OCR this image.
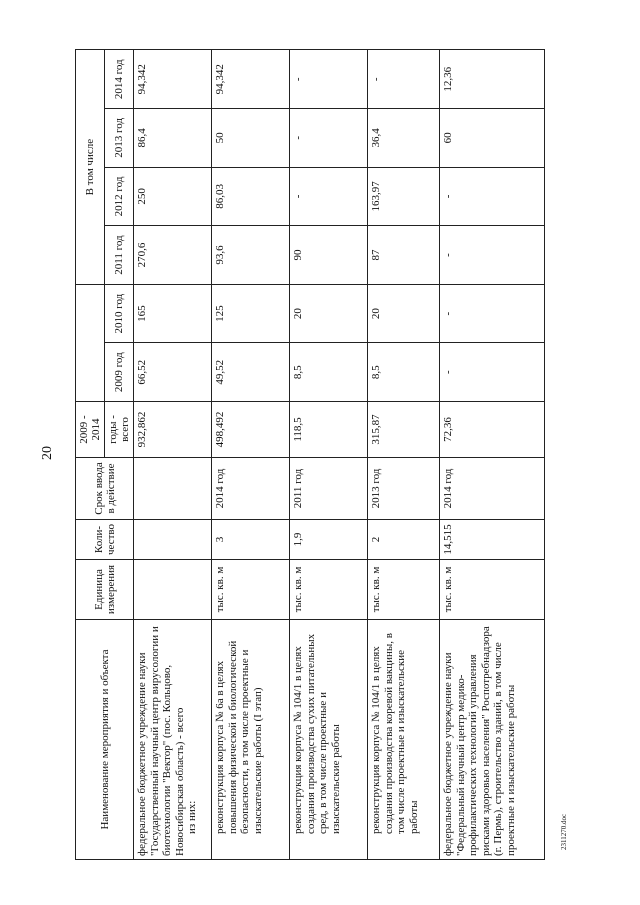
20
Наименование мероприятия и объекта	Единица измерения	Коли-чество	Срок ввода в действие	2009 - 2014			В том числе			
				годы - всего	2009 год	2010 год	2011 год	2012 год	2013 год	2014 год

федеральное бюджетное учреждение науки "Государственный научный центр вирусологии и биотехнологии "Вектор" (пос. Кольцово, Новосибирская область) - всего из них:				932,862	66,52	165	270,6	250	86,4	94,342

реконструкция корпуса № 6а в целях повышения физической и биологической безопасности, в том числе проектные и изыскательские работы (I этап)	тыс. кв. м	3	2014 год	498,492	49,52	125	93,6	86,03	50	94,342

реконструкция корпуса № 104/1 в целях создания производства сухих питательных сред, в том числе проектные и изыскательские работы	тыс. кв. м	1,9	2011 год	118,5	8,5	20	90	-	-	-

реконструкция корпуса № 104/1 в целях создания производства коревой вакцины, в том числе проектные и изыскательские работы	тыс. кв. м	2	2013 год	315,87	8,5	20	87	163,97	36,4	-

федеральное бюджетное учреждение науки "Федеральный научный центр медико-профилактических технологий управления рисками здоровью населения" Роспотребнадзора (г. Пермь), строительство зданий, в том числе проектные и изыскательские работы	тыс. кв. м	14,515	2014 год	72,36	-	-	-	-	60	12,36
2311270.doc
